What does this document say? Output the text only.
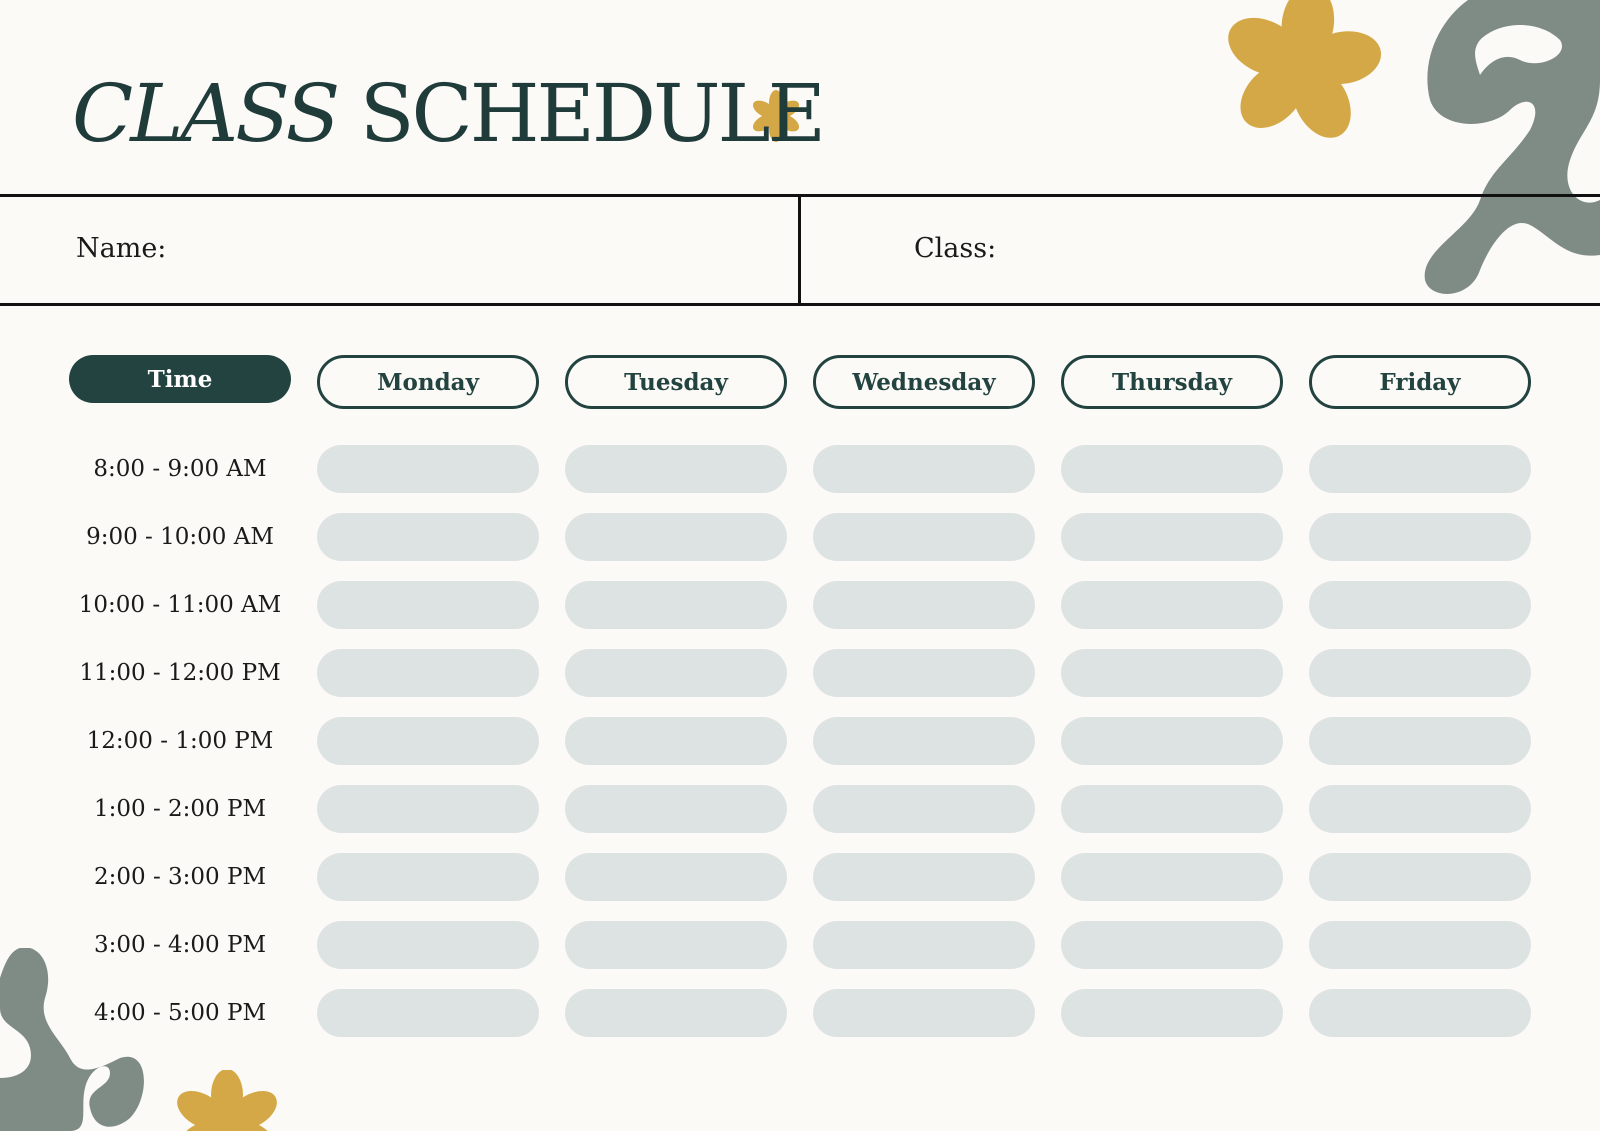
CLASS SCHEDULE
Name:	Class:
Time	Monday	Tuesday	Wednesday	Thursday	Friday
8:00 - 9:00 AM
9:00 - 10:00 AM
10:00 - 11:00 AM
11:00 - 12:00 PM
12:00 - 1:00 PM
1:00 - 2:00 PM
2:00 - 3:00 PM
3:00 - 4:00 PM
4:00 - 5:00 PM
